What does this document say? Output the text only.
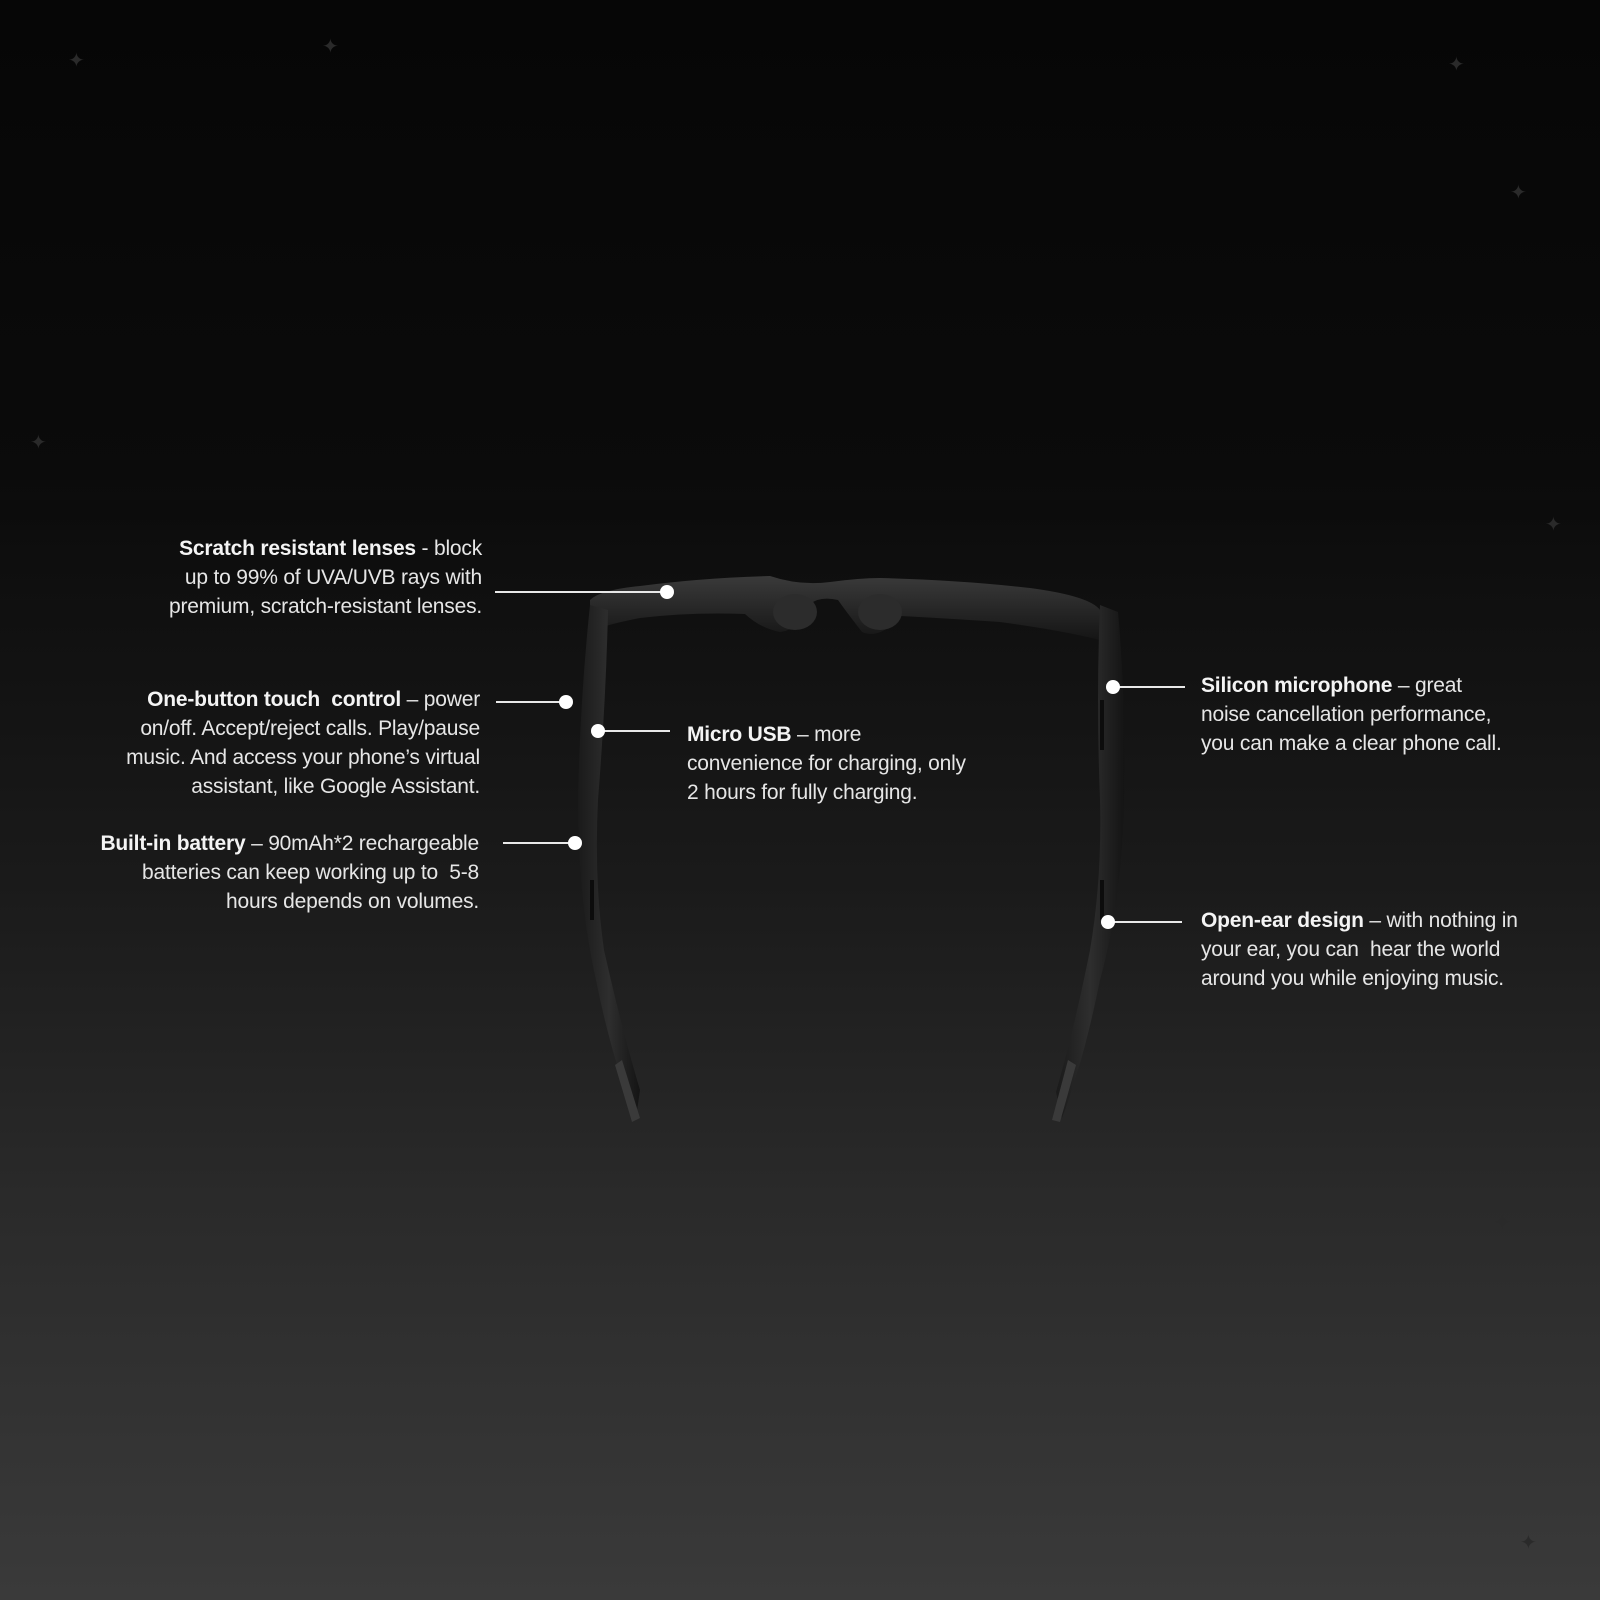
✦
✦
✦
✦
✦
✦
✦
✦
✦
Scratch resistant lenses - block
up to 99% of UVA/UVB rays with
premium, scratch-resistant lenses.
One-button touch  control – power
on/off. Accept/reject calls. Play/pause
music. And access your phone’s virtual
assistant, like Google Assistant.
Built-in battery – 90mAh*2 rechargeable
batteries can keep working up to  5-8
hours depends on volumes.
Micro USB – more
convenience for charging, only
2 hours for fully charging.
Silicon microphone – great
noise cancellation performance,
you can make a clear phone call.
Open-ear design – with nothing in
your ear, you can  hear the world
around you while enjoying music.
